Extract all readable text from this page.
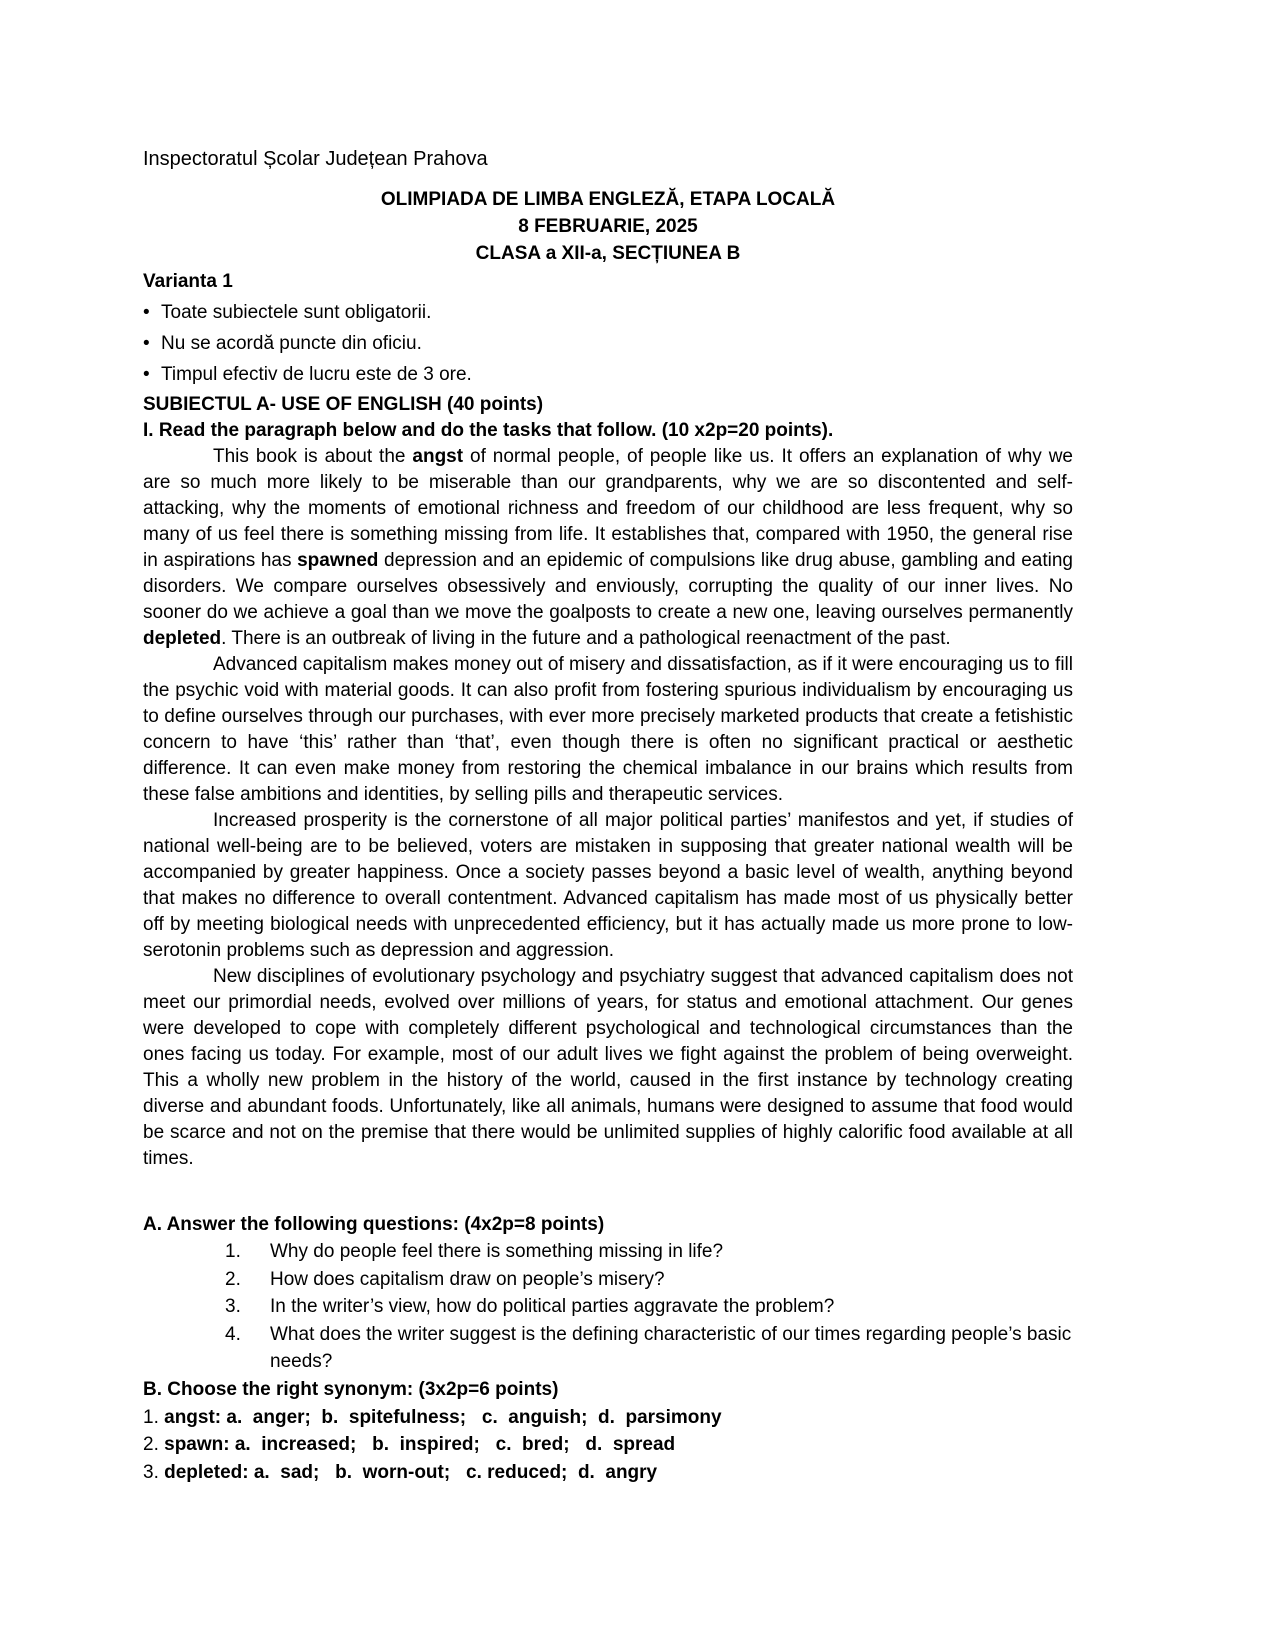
Inspectoratul Școlar Județean Prahova
OLIMPIADA DE LIMBA ENGLEZĂ, ETAPA LOCALĂ
8 FEBRUARIE, 2025
CLASA a XII-a, SECȚIUNEA B
Varianta 1
• Toate subiectele sunt obligatorii.
• Nu se acordă puncte din oficiu.
• Timpul efectiv de lucru este de 3 ore.
SUBIECTUL A- USE OF ENGLISH (40 points)
I. Read the paragraph below and do the tasks that follow. (10 x2p=20 points).

This book is about the angst of normal people, of people like us. It offers an explanation of why we are so much more likely to be miserable than our grandparents, why we are so discontented and self-attacking, why the moments of emotional richness and freedom of our childhood are less frequent, why so many of us feel there is something missing from life. It establishes that, compared with 1950, the general rise in aspirations has spawned depression and an epidemic of compulsions like drug abuse, gambling and eating disorders. We compare ourselves obsessively and enviously, corrupting the quality of our inner lives. No sooner do we achieve a goal than we move the goalposts to create a new one, leaving ourselves permanently depleted. There is an outbreak of living in the future and a pathological reenactment of the past.

Advanced capitalism makes money out of misery and dissatisfaction, as if it were encouraging us to fill the psychic void with material goods. It can also profit from fostering spurious individualism by encouraging us to define ourselves through our purchases, with ever more precisely marketed products that create a fetishistic concern to have ‘this’ rather than ‘that’, even though there is often no significant practical or aesthetic difference. It can even make money from restoring the chemical imbalance in our brains which results from these false ambitions and identities, by selling pills and therapeutic services.

Increased prosperity is the cornerstone of all major political parties’ manifestos and yet, if studies of national well-being are to be believed, voters are mistaken in supposing that greater national wealth will be accompanied by greater happiness. Once a society passes beyond a basic level of wealth, anything beyond that makes no difference to overall contentment. Advanced capitalism has made most of us physically better off by meeting biological needs with unprecedented efficiency, but it has actually made us more prone to low-serotonin problems such as depression and aggression.

New disciplines of evolutionary psychology and psychiatry suggest that advanced capitalism does not meet our primordial needs, evolved over millions of years, for status and emotional attachment. Our genes were developed to cope with completely different psychological and technological circumstances than the ones facing us today. For example, most of our adult lives we fight against the problem of being overweight. This a wholly new problem in the history of the world, caused in the first instance by technology creating diverse and abundant foods. Unfortunately, like all animals, humans were designed to assume that food would be scarce and not on the premise that there would be unlimited supplies of highly calorific food available at all times.

A. Answer the following questions: (4x2p=8 points)
1.	Why do people feel there is something missing in life?
2.	How does capitalism draw on people’s misery?
3.	In the writer’s view, how do political parties aggravate the problem?
4.	What does the writer suggest is the defining characteristic of our times regarding people’s basic needs?
B. Choose the right synonym: (3x2p=6 points)
1. angst: a.  anger;  b.  spitefulness;   c.  anguish;  d.  parsimony
2. spawn: a.  increased;   b.  inspired;   c.  bred;   d.  spread
3. depleted: a.  sad;   b.  worn-out;   c. reduced;  d.  angry
